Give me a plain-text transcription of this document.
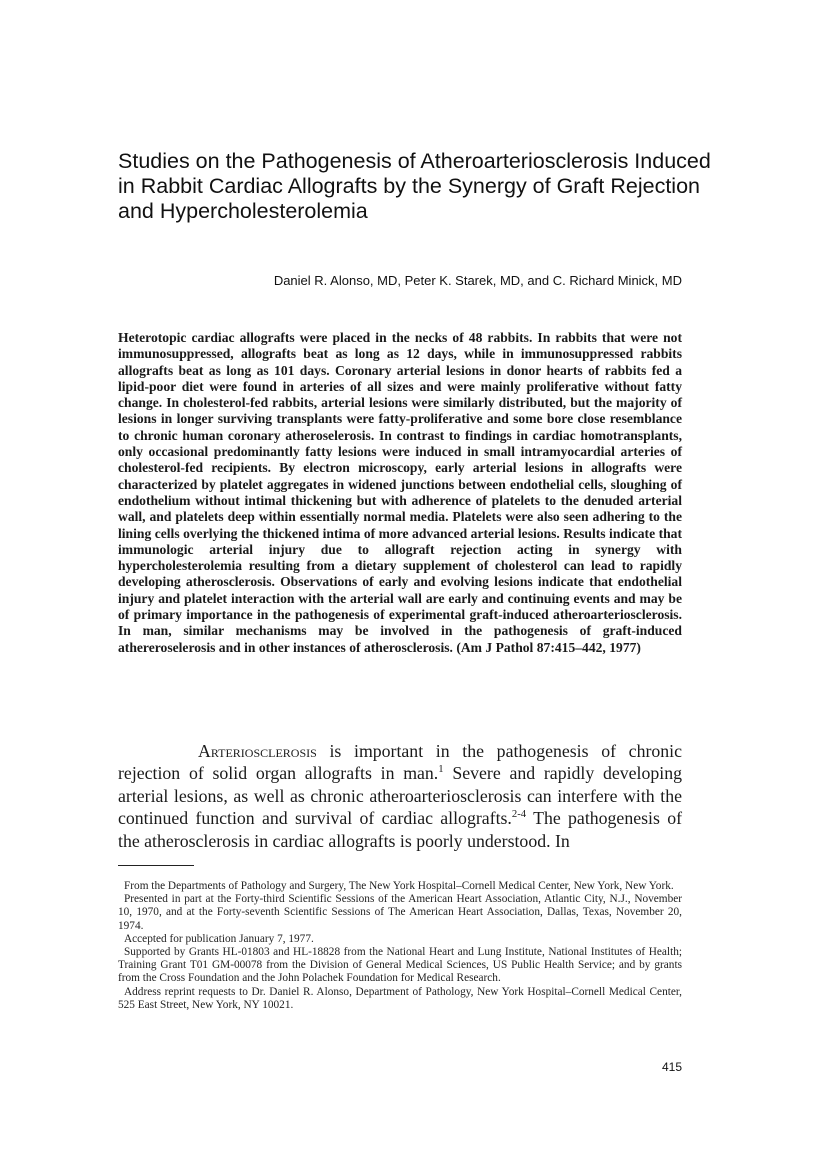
Studies on the Pathogenesis of Atheroarteriosclerosis Induced in Rabbit Cardiac Allografts by the Synergy of Graft Rejection and Hypercholesterolemia
Daniel R. Alonso, MD, Peter K. Starek, MD, and C. Richard Minick, MD

Heterotopic cardiac allografts were placed in the necks of 48 rabbits. In rabbits that were not immunosuppressed, allografts beat as long as 12 days, while in immunosuppressed rabbits allografts beat as long as 101 days. Coronary arterial lesions in donor hearts of rabbits fed a lipid-poor diet were found in arteries of all sizes and were mainly proliferative without fatty change. In cholesterol-fed rabbits, arterial lesions were similarly distributed, but the majority of lesions in longer surviving transplants were fatty-proliferative and some bore close resemblance to chronic human coronary atheroselerosis. In contrast to findings in cardiac homotransplants, only occasional predominantly fatty lesions were induced in small intramyocardial arteries of cholesterol-fed recipients. By electron microscopy, early arterial lesions in allografts were characterized by platelet aggregates in widened junctions between endothelial cells, sloughing of endothelium without intimal thickening but with adherence of platelets to the denuded arterial wall, and platelets deep within essentially normal media. Platelets were also seen adhering to the lining cells overlying the thickened intima of more advanced arterial lesions. Results indicate that immunologic arterial injury due to allograft rejection acting in synergy with hypercholesterolemia resulting from a dietary supplement of cholesterol can lead to rapidly developing atherosclerosis. Observations of early and evolving lesions indicate that endothelial injury and platelet interaction with the arterial wall are early and continuing events and may be of primary importance in the pathogenesis of experimental graft-induced atheroarteriosclerosis. In man, similar mechanisms may be involved in the pathogenesis of graft-induced athereroselerosis and in other instances of atherosclerosis. (Am J Pathol 87:415–442, 1977)

Arteriosclerosis is important in the pathogenesis of chronic rejection of solid organ allografts in man.$^1$ Severe and rapidly developing arterial lesions, as well as chronic atheroarteriosclerosis can interfere with the continued function and survival of cardiac allografts.$^{2-4}$ The pathogenesis of the atherosclerosis in cardiac allografts is poorly understood. In

From the Departments of Pathology and Surgery, The New York Hospital–Cornell Medical Center, New York, New York.

Presented in part at the Forty-third Scientific Sessions of the American Heart Association, Atlantic City, N.J., November 10, 1970, and at the Forty-seventh Scientific Sessions of The American Heart Association, Dallas, Texas, November 20, 1974.

Accepted for publication January 7, 1977.

Supported by Grants HL-01803 and HL-18828 from the National Heart and Lung Institute, National Institutes of Health; Training Grant T01 GM-00078 from the Division of General Medical Sciences, US Public Health Service; and by grants from the Cross Foundation and the John Polachek Foundation for Medical Research.

Address reprint requests to Dr. Daniel R. Alonso, Department of Pathology, New York Hospital–Cornell Medical Center, 525 East Street, New York, NY 10021.

415
